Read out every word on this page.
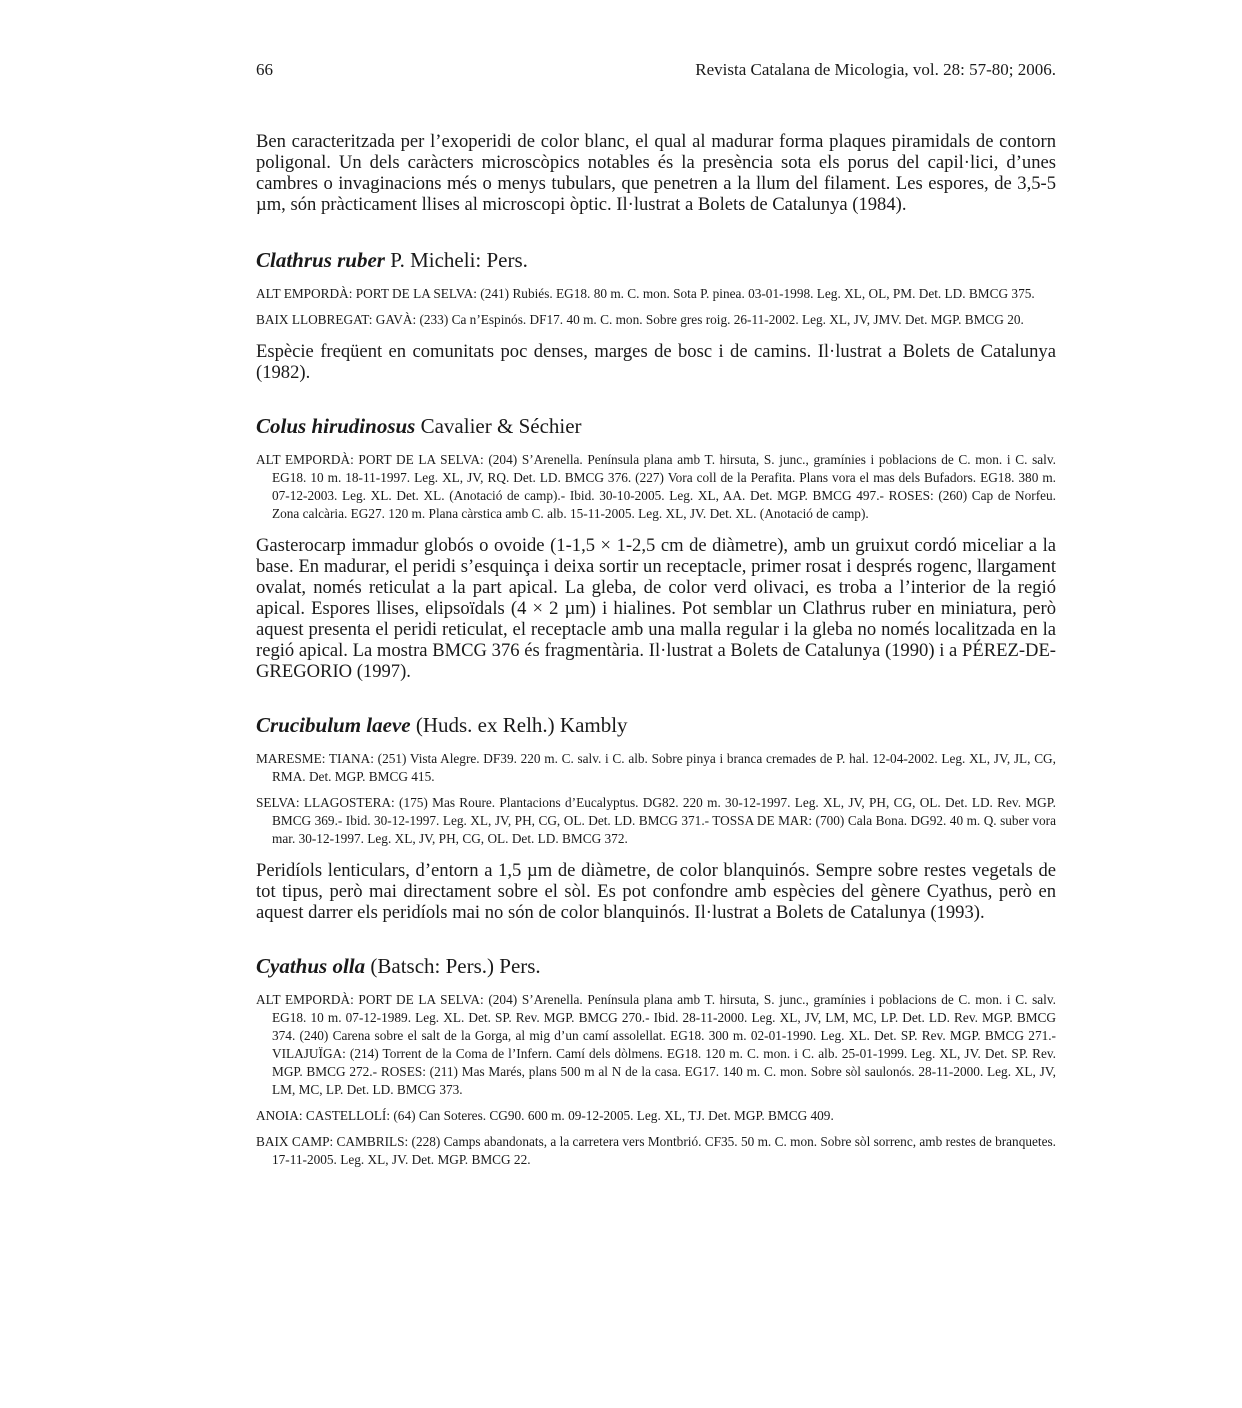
66	Revista Catalana de Micologia, vol. 28: 57-80; 2006.

Ben caracteritzada per l’exoperidi de color blanc, el qual al madurar forma plaques piramidals de contorn poligonal. Un dels caràcters microscòpics notables és la presència sota els porus del capil·lici, d’unes cambres o invaginacions més o menys tubulars, que penetren a la llum del filament. Les espores, de 3,5-5 µm, són pràcticament llises al microscopi òptic. Il·lustrat a Bolets de Catalunya (1984).

Clathrus ruber P. Micheli: Pers.

ALT EMPORDÀ: PORT DE LA SELVA: (241) Rubiés. EG18. 80 m. C. mon. Sota P. pinea. 03-01-1998. Leg. XL, OL, PM. Det. LD. BMCG 375.

BAIX LLOBREGAT: GAVÀ: (233) Ca n’Espinós. DF17. 40 m. C. mon. Sobre gres roig. 26-11-2002. Leg. XL, JV, JMV. Det. MGP. BMCG 20.

Espècie freqüent en comunitats poc denses, marges de bosc i de camins. Il·lustrat a Bolets de Catalunya (1982).

Colus hirudinosus Cavalier & Séchier

ALT EMPORDÀ: PORT DE LA SELVA: (204) S’Arenella. Península plana amb T. hirsuta, S. junc., gramínies i poblacions de C. mon. i C. salv. EG18. 10 m. 18-11-1997. Leg. XL, JV, RQ. Det. LD. BMCG 376. (227) Vora coll de la Perafita. Plans vora el mas dels Bufadors. EG18. 380 m. 07-12-2003. Leg. XL. Det. XL. (Anotació de camp).- Ibid. 30-10-2005. Leg. XL, AA. Det. MGP. BMCG 497.- ROSES: (260) Cap de Norfeu. Zona calcària. EG27. 120 m. Plana càrstica amb C. alb. 15-11-2005. Leg. XL, JV. Det. XL. (Anotació de camp).

Gasterocarp immadur globós o ovoide (1-1,5 × 1-2,5 cm de diàmetre), amb un gruixut cordó miceliar a la base. En madurar, el peridi s’esquinça i deixa sortir un receptacle, primer rosat i després rogenc, llargament ovalat, només reticulat a la part apical. La gleba, de color verd olivaci, es troba a l’interior de la regió apical. Espores llises, elipsoïdals (4 × 2 µm) i hialines. Pot semblar un Clathrus ruber en miniatura, però aquest presenta el peridi reticulat, el receptacle amb una malla regular i la gleba no només localitzada en la regió apical. La mostra BMCG 376 és fragmentària. Il·lustrat a Bolets de Catalunya (1990) i a PÉREZ-DE-GREGORIO (1997).

Crucibulum laeve (Huds. ex Relh.) Kambly

MARESME: TIANA: (251) Vista Alegre. DF39. 220 m. C. salv. i C. alb. Sobre pinya i branca cremades de P. hal. 12-04-2002. Leg. XL, JV, JL, CG, RMA. Det. MGP. BMCG 415.

SELVA: LLAGOSTERA: (175) Mas Roure. Plantacions d’Eucalyptus. DG82. 220 m. 30-12-1997. Leg. XL, JV, PH, CG, OL. Det. LD. Rev. MGP. BMCG 369.- Ibid. 30-12-1997. Leg. XL, JV, PH, CG, OL. Det. LD. BMCG 371.- TOSSA DE MAR: (700) Cala Bona. DG92. 40 m. Q. suber vora mar. 30-12-1997. Leg. XL, JV, PH, CG, OL. Det. LD. BMCG 372.

Peridíols lenticulars, d’entorn a 1,5 µm de diàmetre, de color blanquinós. Sempre sobre restes vegetals de tot tipus, però mai directament sobre el sòl. Es pot confondre amb espècies del gènere Cyathus, però en aquest darrer els peridíols mai no són de color blanquinós. Il·lustrat a Bolets de Catalunya (1993).

Cyathus olla (Batsch: Pers.) Pers.

ALT EMPORDÀ: PORT DE LA SELVA: (204) S’Arenella. Península plana amb T. hirsuta, S. junc., gramínies i poblacions de C. mon. i C. salv. EG18. 10 m. 07-12-1989. Leg. XL. Det. SP. Rev. MGP. BMCG 270.- Ibid. 28-11-2000. Leg. XL, JV, LM, MC, LP. Det. LD. Rev. MGP. BMCG 374. (240) Carena sobre el salt de la Gorga, al mig d’un camí assolellat. EG18. 300 m. 02-01-1990. Leg. XL. Det. SP. Rev. MGP. BMCG 271.- VILAJUÏGA: (214) Torrent de la Coma de l’Infern. Camí dels dòlmens. EG18. 120 m. C. mon. i C. alb. 25-01-1999. Leg. XL, JV. Det. SP. Rev. MGP. BMCG 272.- ROSES: (211) Mas Marés, plans 500 m al N de la casa. EG17. 140 m. C. mon. Sobre sòl saulonós. 28-11-2000. Leg. XL, JV, LM, MC, LP. Det. LD. BMCG 373.

ANOIA: CASTELLOLÍ: (64) Can Soteres. CG90. 600 m. 09-12-2005. Leg. XL, TJ. Det. MGP. BMCG 409.

BAIX CAMP: CAMBRILS: (228) Camps abandonats, a la carretera vers Montbrió. CF35. 50 m. C. mon. Sobre sòl sorrenc, amb restes de branquetes. 17-11-2005. Leg. XL, JV. Det. MGP. BMCG 22.
